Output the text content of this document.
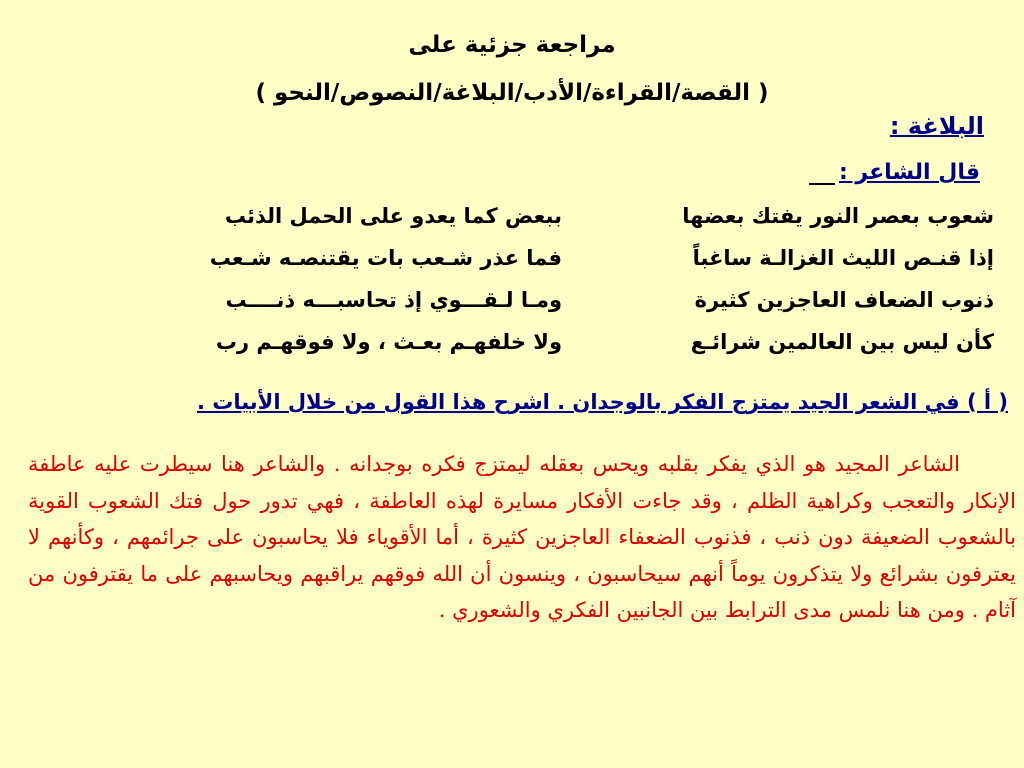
مراجعة جزئية على
( القصة/القراءة/الأدب/البلاغة/النصوص/النحو )
البلاغة :
قال الشاعر :
شعوب بعصر النور يفتك بعضها
ببعض كما يعدو على الحمل الذئب
إذا قنـص الليث الغزالـة ساغباً
فما عذر شـعب بات يقتنصـه شـعب
ذنوب الضعاف العاجزين كثيرة
ومـا لـقـــوي إذ تحاسبـــه ذنــــب
كأن ليس بين العالمين شرائـع
ولا خلفهـم بعـث ، ولا فوقهـم رب
( أ ) في الشعر الجيد يمتزج الفكر بالوجدان . اشرح هذا القول من خلال الأبيات .

الشاعر المجيد هو الذي يفكر بقلبه ويحس بعقله ليمتزج فكره بوجدانه . والشاعر هنا سيطرت عليه عاطفة الإنكار والتعجب وكراهية الظلم ، وقد جاءت الأفكار مسايرة لهذه العاطفة ، فهي تدور حول فتك الشعوب القوية بالشعوب الضعيفة دون ذنب ، فذنوب الضعفاء العاجزين كثيرة ، أما الأقوياء فلا يحاسبون على جرائمهم ، وكأنهم لا يعترفون بشرائع ولا يتذكرون يوماً أنهم سيحاسبون ، وينسون أن الله فوقهم يراقبهم ويحاسبهم على ما يقترفون من آثام . ومن هنا نلمس مدى الترابط بين الجانبين الفكري والشعوري .
